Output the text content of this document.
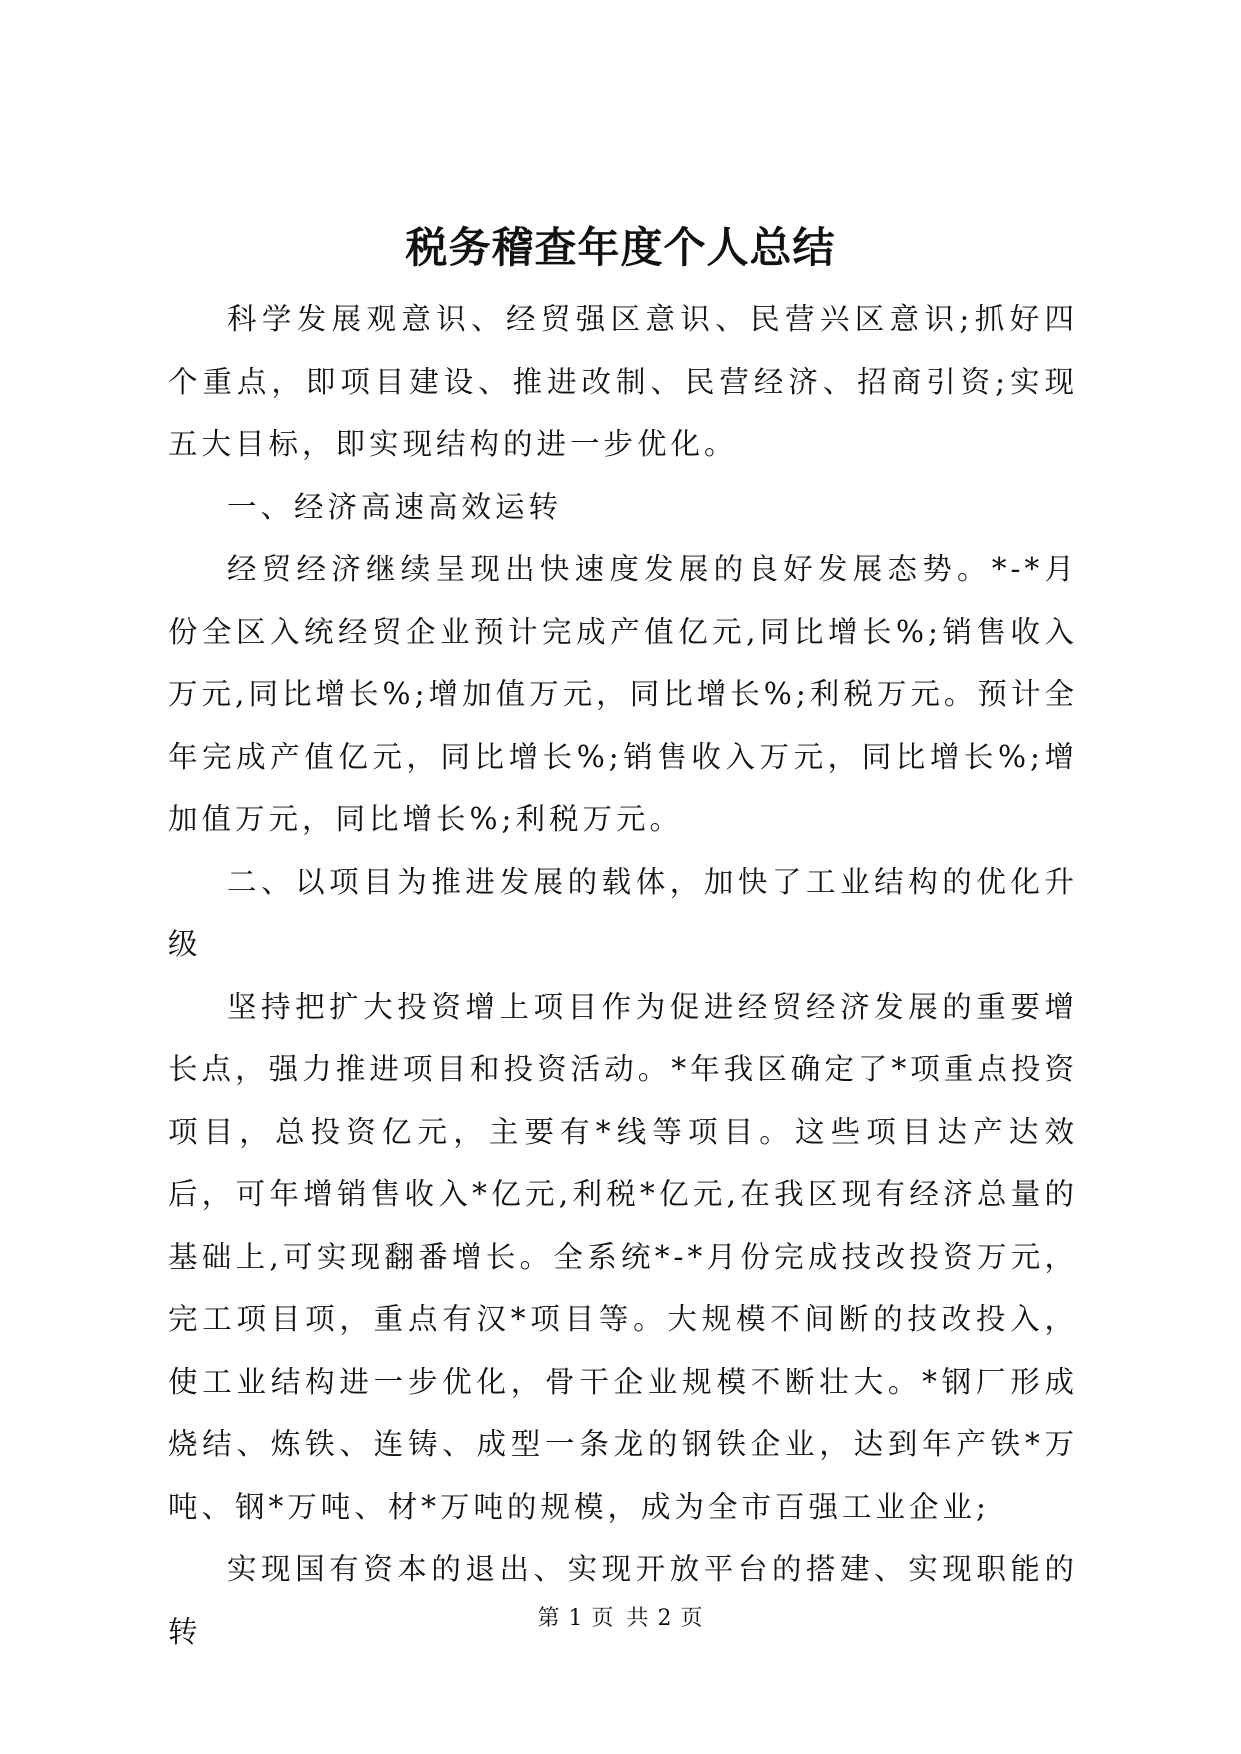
税务稽查年度个人总结

科学发展观意识、经贸强区意识、民营兴区意识;抓好四个重点，即项目建设、推进改制、民营经济、招商引资;实现五大目标，即实现结构的进一步优化。

一、经济高速高效运转

经贸经济继续呈现出快速度发展的良好发展态势。*-*月份全区入统经贸企业预计完成产值亿元,同比增长%;销售收入万元,同比增长%;增加值万元，同比增长%;利税万元。预计全年完成产值亿元，同比增长%;销售收入万元，同比增长%;增加值万元，同比增长%;利税万元。

二、以项目为推进发展的载体，加快了工业结构的优化升级

坚持把扩大投资增上项目作为促进经贸经济发展的重要增长点，强力推进项目和投资活动。*年我区确定了*项重点投资项目，总投资亿元，主要有*线等项目。这些项目达产达效后，可年增销售收入*亿元,利税*亿元,在我区现有经济总量的基础上,可实现翻番增长。全系统*-*月份完成技改投资万元，完工项目项，重点有汉*项目等。大规模不间断的技改投入，使工业结构进一步优化，骨干企业规模不断壮大。*钢厂形成烧结、炼铁、连铸、成型一条龙的钢铁企业，达到年产铁*万吨、钢*万吨、材*万吨的规模，成为全市百强工业企业;

实现国有资本的退出、实现开放平台的搭建、实现职能的转	第 1 页 共 2 页
